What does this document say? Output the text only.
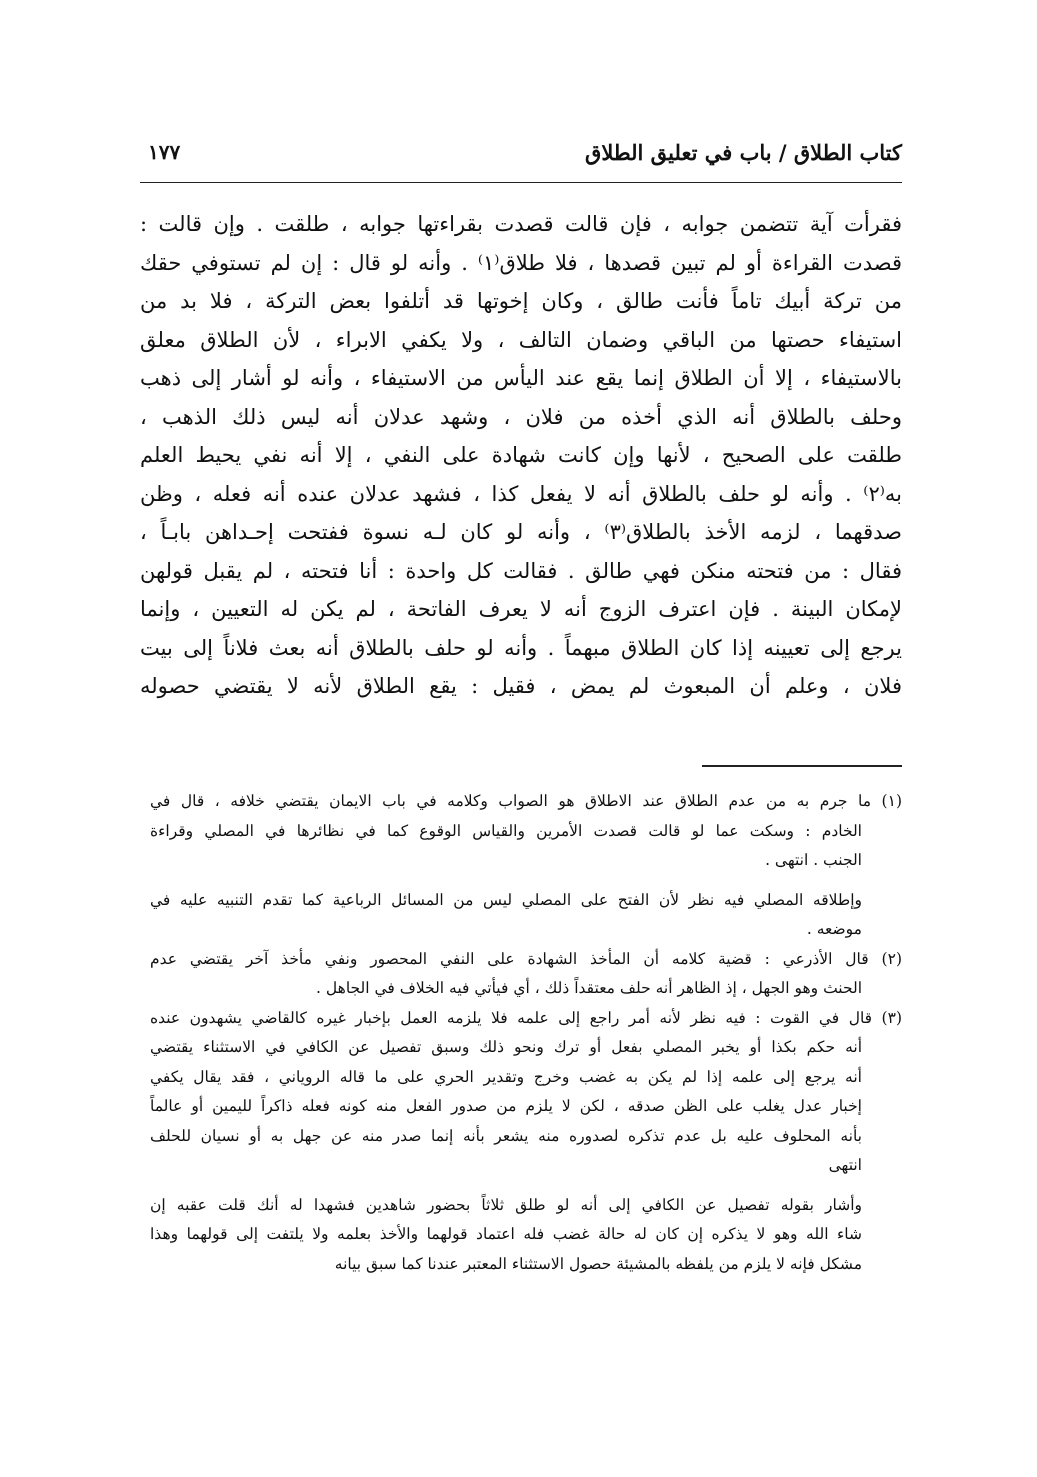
كتاب الطلاق / باب في تعليق الطلاق
١٧٧
فقرأت آية تتضمن جوابه ، فإن قالت قصدت بقراءتها جوابه ، طلقت . وإن قالت :
قصدت القراءة أو لم تبين قصدها ، فلا طلاق⁽١⁾ . وأنه لو قال : إن لم تستوفي حقك
من تركة أبيك تاماً فأنت طالق ، وكان إخوتها قد أتلفوا بعض التركة ، فلا بد من
استيفاء حصتها من الباقي وضمان التالف ، ولا يكفي الابراء ، لأن الطلاق معلق
بالاستيفاء ، إلا أن الطلاق إنما يقع عند اليأس من الاستيفاء ، وأنه لو أشار إلى ذهب
وحلف بالطلاق أنه الذي أخذه من فلان ، وشهد عدلان أنه ليس ذلك الذهب ،
طلقت على الصحيح ، لأنها وإن كانت شهادة على النفي ، إلا أنه نفي يحيط العلم
به⁽٢⁾ . وأنه لو حلف بالطلاق أنه لا يفعل كذا ، فشهد عدلان عنده أنه فعله ، وظن
صدقهما ، لزمه الأخذ بالطلاق⁽٣⁾ ، وأنه لو كان لـه نسوة ففتحت إحـداهن بابـاً ،
فقال : من فتحته منكن فهي طالق . فقالت كل واحدة : أنا فتحته ، لم يقبل قولهن
لإمكان البينة . فإن اعترف الزوج أنه لا يعرف الفاتحة ، لم يكن له التعيين ، وإنما
يرجع إلى تعيينه إذا كان الطلاق مبهماً . وأنه لو حلف بالطلاق أنه بعث فلاناً إلى بيت
فلان ، وعلم أن المبعوث لم يمض ، فقيل : يقع الطلاق لأنه لا يقتضي حصوله
(١) ما جرم به من عدم الطلاق عند الاطلاق هو الصواب وكلامه في باب الايمان يقتضي خلافه ، قال في
الخادم : وسكت عما لو قالت قصدت الأمرين والقياس الوقوع كما في نظائرها في المصلي وقراءة
الجنب . انتهى .
وإطلاقه المصلي فيه نظر لأن الفتح على المصلي ليس من المسائل الرباعية كما تقدم التنبيه عليه في
موضعه .
(٢) قال الأذرعي : قضية كلامه أن المأخذ الشهادة على النفي المحصور ونفي مأخذ آخر يقتضي عدم
الحنث وهو الجهل ، إذ الظاهر أنه حلف معتقداً ذلك ، أي فيأتي فيه الخلاف في الجاهل .
(٣) قال في القوت : فيه نظر لأنه أمر راجع إلى علمه فلا يلزمه العمل بإخبار غيره كالقاضي يشهدون عنده
أنه حكم بكذا أو يخبر المصلي بفعل أو ترك ونحو ذلك وسبق تفصيل عن الكافي في الاستثناء يقتضي
أنه يرجع إلى علمه إذا لم يكن به غضب وخرج وتقدير الحري على ما قاله الروياني ، فقد يقال يكفي
إخبار عدل يغلب على الظن صدقه ، لكن لا يلزم من صدور الفعل منه كونه فعله ذاكراً لليمين أو عالماً
بأنه المحلوف عليه بل عدم تذكره لصدوره منه يشعر بأنه إنما صدر منه عن جهل به أو نسيان للحلف
انتهى
وأشار بقوله تفصيل عن الكافي إلى أنه لو طلق ثلاثاً بحضور شاهدين فشهدا له أنك قلت عقبه إن
شاء الله وهو لا يذكره إن كان له حالة غضب فله اعتماد قولهما والأخذ بعلمه ولا يلتفت إلى قولهما وهذا
مشكل فإنه لا يلزم من يلفظه بالمشيئة حصول الاستثناء المعتبر عندنا كما سبق بيانه
